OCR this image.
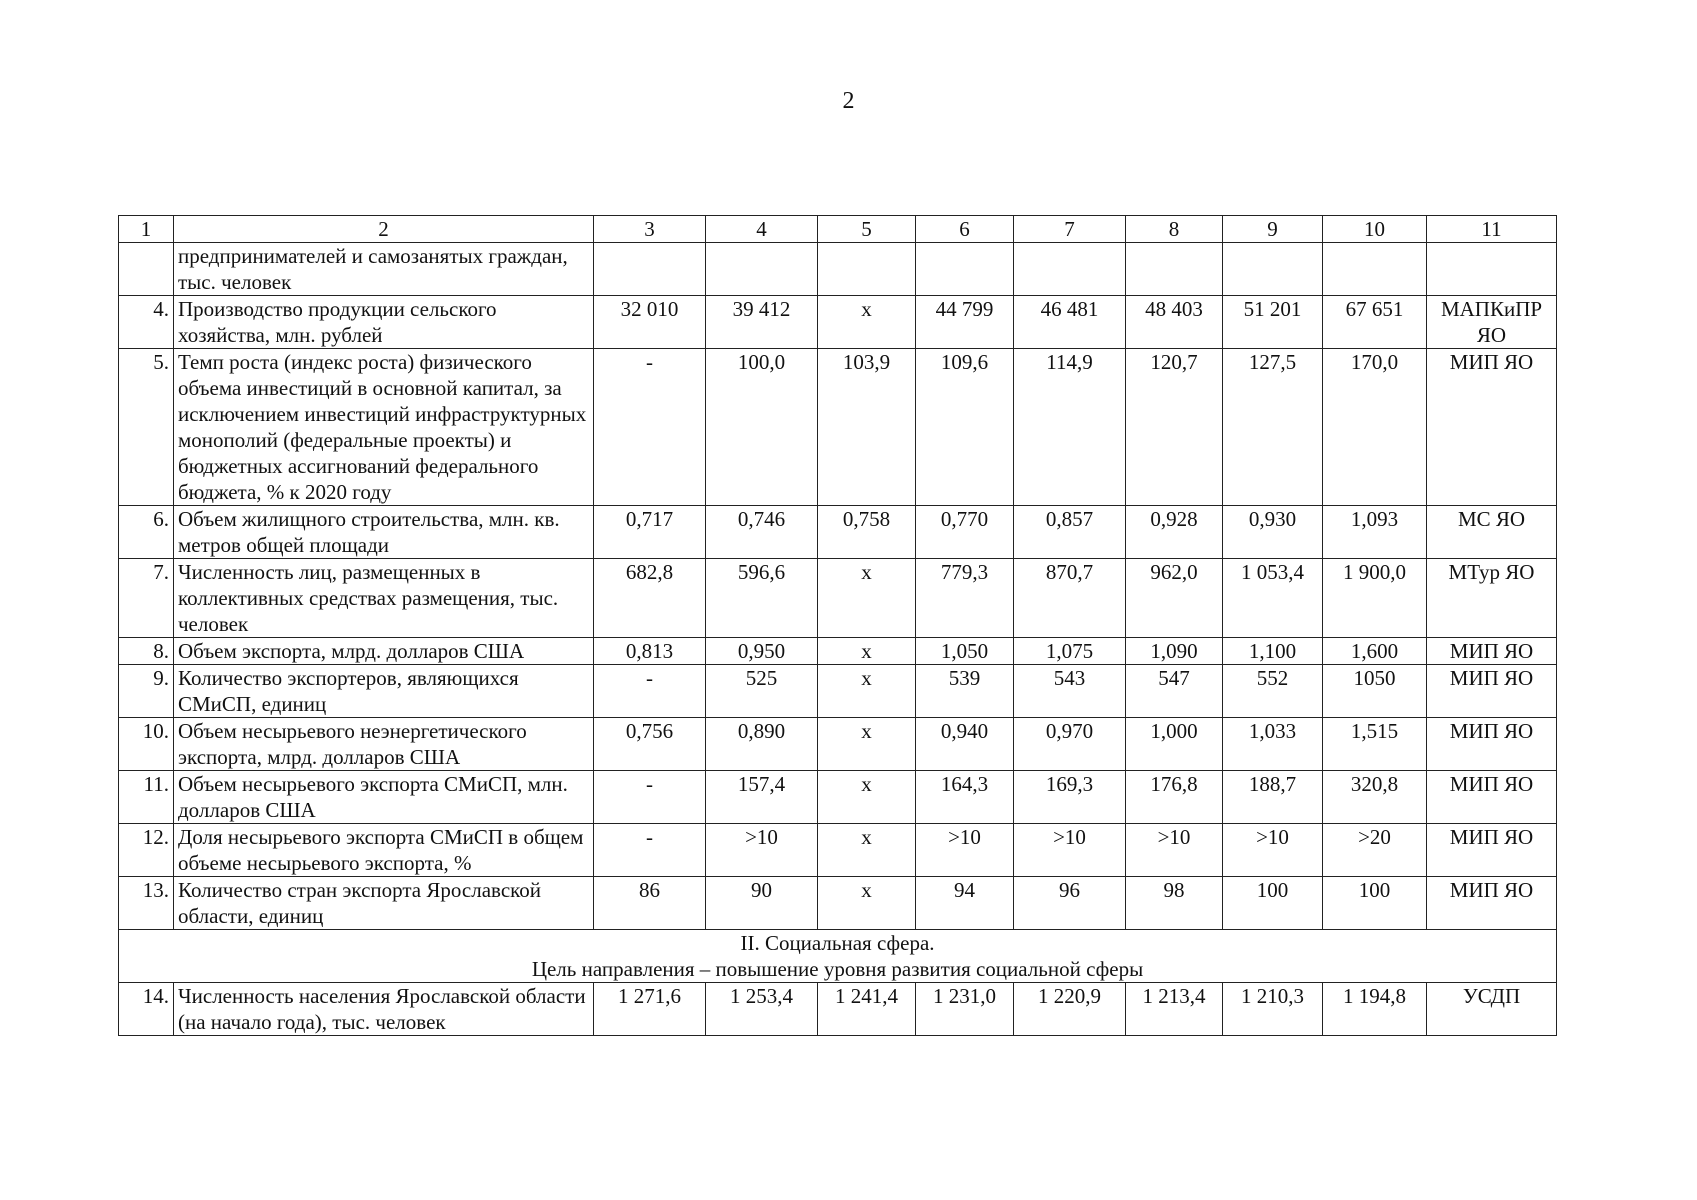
2
1	2	3	4	5	6	7	8	9	10	11
	предпринимателей и самозанятых граждан, тыс. человек									
4.	Производство продукции сельского хозяйства, млн. рублей	32 010	39 412	х	44 799	46 481	48 403	51 201	67 651	МАПКиПР ЯО
5.	Темп роста (индекс роста) физического объема инвестиций в основной капитал, за исключением инвестиций инфраструктурных монополий (федеральные проекты) и бюджетных ассигнований федерального бюджета, % к 2020 году	-	100,0	103,9	109,6	114,9	120,7	127,5	170,0	МИП ЯО
6.	Объем жилищного строительства, млн. кв. метров общей площади	0,717	0,746	0,758	0,770	0,857	0,928	0,930	1,093	МС ЯО
7.	Численность лиц, размещенных в коллективных средствах размещения, тыс. человек	682,8	596,6	х	779,3	870,7	962,0	1 053,4	1 900,0	МТур ЯО
8.	Объем экспорта, млрд. долларов США	0,813	0,950	х	1,050	1,075	1,090	1,100	1,600	МИП ЯО
9.	Количество экспортеров, являющихся СМиСП, единиц	-	525	х	539	543	547	552	1050	МИП ЯО
10.	Объем несырьевого неэнергетического экспорта, млрд. долларов США	0,756	0,890	х	0,940	0,970	1,000	1,033	1,515	МИП ЯО
11.	Объем несырьевого экспорта СМиСП, млн. долларов США	-	157,4	х	164,3	169,3	176,8	188,7	320,8	МИП ЯО
12.	Доля несырьевого экспорта СМиСП в общем объеме несырьевого экспорта, %	-	>10	х	>10	>10	>10	>10	>20	МИП ЯО
13.	Количество стран экспорта Ярославской области, единиц	86	90	х	94	96	98	100	100	МИП ЯО

II. Социальная сфера.
Цель направления – повышение уровня развития социальной сферы										

14.	Численность населения Ярославской области (на начало года), тыс. человек	1 271,6	1 253,4	1 241,4	1 231,0	1 220,9	1 213,4	1 210,3	1 194,8	УСДП
